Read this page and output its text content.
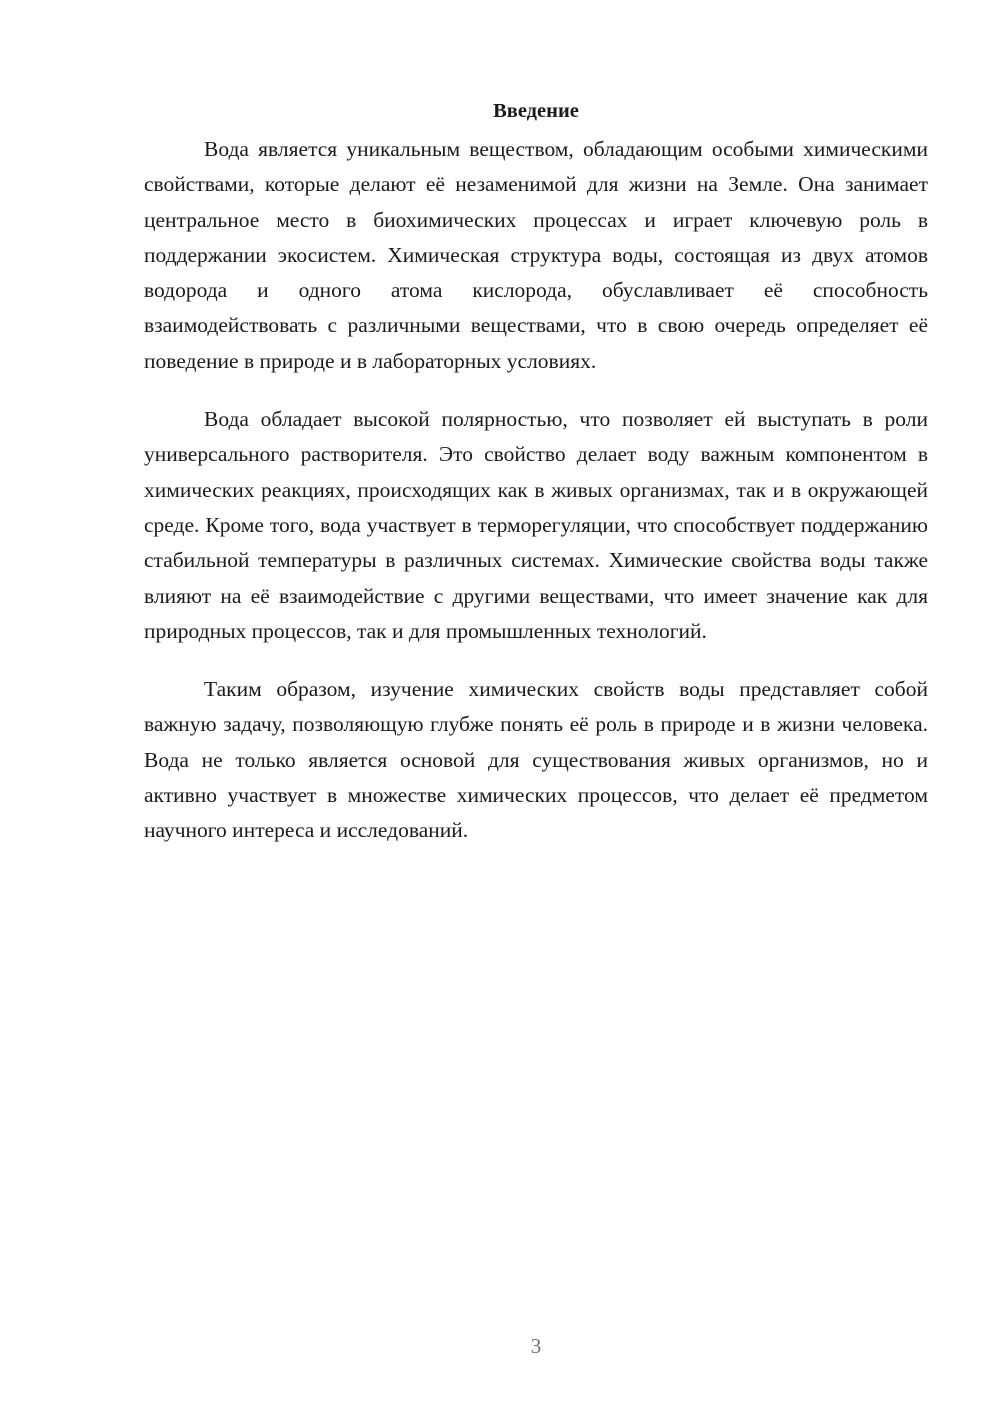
Введение

Вода является уникальным веществом, обладающим особыми химическими свойствами, которые делают её незаменимой для жизни на Земле. Она занимает центральное место в биохимических процессах и играет ключевую роль в поддержании экосистем. Химическая структура воды, состоящая из двух атомов водорода и одного атома кислорода, обуславливает её способность взаимодействовать с различными веществами, что в свою очередь определяет её поведение в природе и в лабораторных условиях.

Вода обладает высокой полярностью, что позволяет ей выступать в роли универсального растворителя. Это свойство делает воду важным компонентом в химических реакциях, происходящих как в живых организмах, так и в окружающей среде. Кроме того, вода участвует в терморегуляции, что способствует поддержанию стабильной температуры в различных системах. Химические свойства воды также влияют на её взаимодействие с другими веществами, что имеет значение как для природных процессов, так и для промышленных технологий.

Таким образом, изучение химических свойств воды представляет собой важную задачу, позволяющую глубже понять её роль в природе и в жизни человека. Вода не только является основой для существования живых организмов, но и активно участвует в множестве химических процессов, что делает её предметом научного интереса и исследований.

3
